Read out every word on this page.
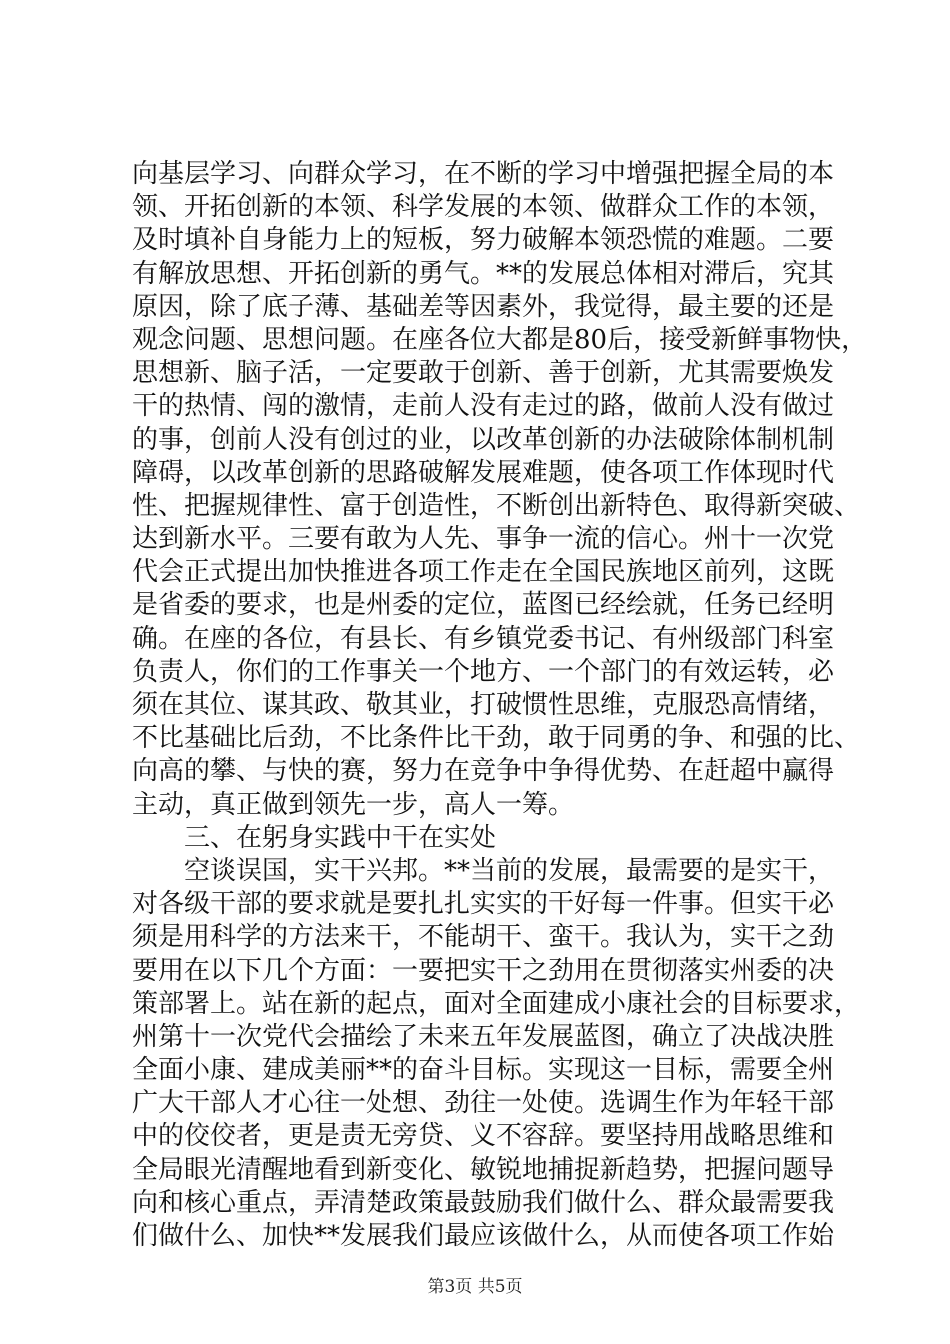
向基层学习、向群众学习，在不断的学习中增强把握全局的本
领、开拓创新的本领、科学发展的本领、做群众工作的本领，
及时填补自身能力上的短板，努力破解本领恐慌的难题。二要
有解放思想、开拓创新的勇气。**的发展总体相对滞后，究其
原因，除了底子薄、基础差等因素外，我觉得，最主要的还是
观念问题、思想问题。在座各位大都是80后，接受新鲜事物快，
思想新、脑子活，一定要敢于创新、善于创新，尤其需要焕发
干的热情、闯的激情，走前人没有走过的路，做前人没有做过
的事，创前人没有创过的业，以改革创新的办法破除体制机制
障碍，以改革创新的思路破解发展难题，使各项工作体现时代
性、把握规律性、富于创造性，不断创出新特色、取得新突破、
达到新水平。三要有敢为人先、事争一流的信心。州十一次党
代会正式提出加快推进各项工作走在全国民族地区前列，这既
是省委的要求，也是州委的定位，蓝图已经绘就，任务已经明
确。在座的各位，有县长、有乡镇党委书记、有州级部门科室
负责人，你们的工作事关一个地方、一个部门的有效运转，必
须在其位、谋其政、敬其业，打破惯性思维，克服恐高情绪，
不比基础比后劲，不比条件比干劲，敢于同勇的争、和强的比、
向高的攀、与快的赛，努力在竞争中争得优势、在赶超中赢得
主动，真正做到领先一步，高人一筹。
三、在躬身实践中干在实处
空谈误国，实干兴邦。**当前的发展，最需要的是实干，
对各级干部的要求就是要扎扎实实的干好每一件事。但实干必
须是用科学的方法来干，不能胡干、蛮干。我认为，实干之劲
要用在以下几个方面：一要把实干之劲用在贯彻落实州委的决
策部署上。站在新的起点，面对全面建成小康社会的目标要求，
州第十一次党代会描绘了未来五年发展蓝图，确立了决战决胜
全面小康、建成美丽**的奋斗目标。实现这一目标，需要全州
广大干部人才心往一处想、劲往一处使。选调生作为年轻干部
中的佼佼者，更是责无旁贷、义不容辞。要坚持用战略思维和
全局眼光清醒地看到新变化、敏锐地捕捉新趋势，把握问题导
向和核心重点，弄清楚政策最鼓励我们做什么、群众最需要我
们做什么、加快**发展我们最应该做什么，从而使各项工作始
第3页 共5页
